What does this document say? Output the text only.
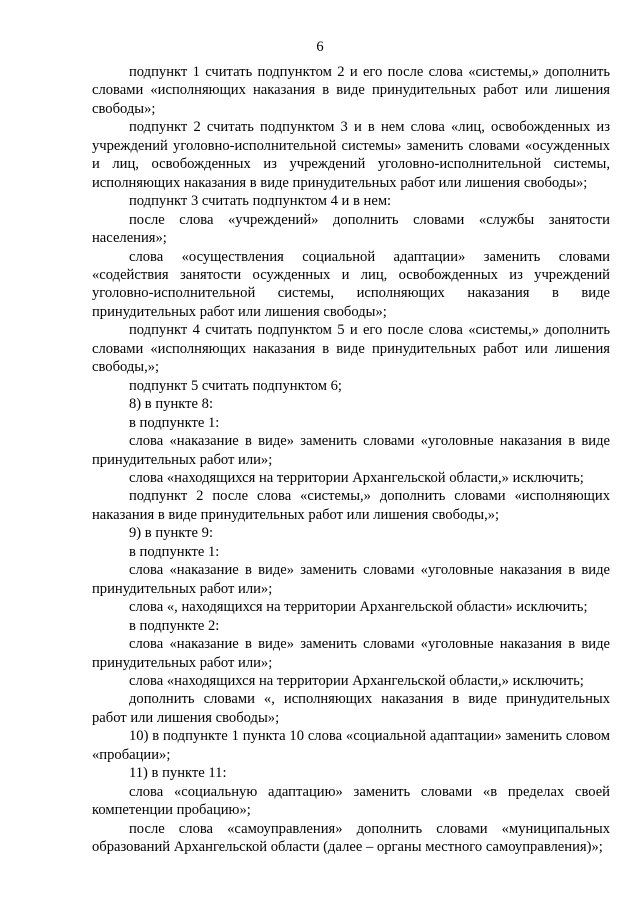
6

подпункт 1 считать подпунктом 2 и его после слова «системы,» дополнить словами «исполняющих наказания в виде принудительных работ или лишения свободы»;

подпункт 2 считать подпунктом 3 и в нем слова «лиц, освобожденных из учреждений уголовно-исполнительной системы» заменить словами «осужденных и лиц, освобожденных из учреждений уголовно-исполнительной системы, исполняющих наказания в виде принудительных работ или лишения свободы»;

подпункт 3 считать подпунктом 4 и в нем:

после слова «учреждений» дополнить словами «службы занятости населения»;

слова «осуществления социальной адаптации» заменить словами «содействия занятости осужденных и лиц, освобожденных из учреждений уголовно-исполнительной системы, исполняющих наказания в виде принудительных работ или лишения свободы»;

подпункт 4 считать подпунктом 5 и его после слова «системы,» дополнить словами «исполняющих наказания в виде принудительных работ или лишения свободы,»;

подпункт 5 считать подпунктом 6;

8) в пункте 8:

в подпункте 1:

слова «наказание в виде» заменить словами «уголовные наказания в виде принудительных работ или»;

слова «находящихся на территории Архангельской области,» исключить;

подпункт 2 после слова «системы,» дополнить словами «исполняющих наказания в виде принудительных работ или лишения свободы,»;

9) в пункте 9:

в подпункте 1:

слова «наказание в виде» заменить словами «уголовные наказания в виде принудительных работ или»;

слова «, находящихся на территории Архангельской области» исключить;

в подпункте 2:

слова «наказание в виде» заменить словами «уголовные наказания в виде принудительных работ или»;

слова «находящихся на территории Архангельской области,» исключить;

дополнить словами «, исполняющих наказания в виде принудительных работ или лишения свободы»;

10) в подпункте 1 пункта 10 слова «социальной адаптации» заменить словом «пробации»;

11) в пункте 11:

слова «социальную адаптацию» заменить словами «в пределах своей компетенции пробацию»;

после слова «самоуправления» дополнить словами «муниципальных образований Архангельской области (далее – органы местного самоуправления)»;
